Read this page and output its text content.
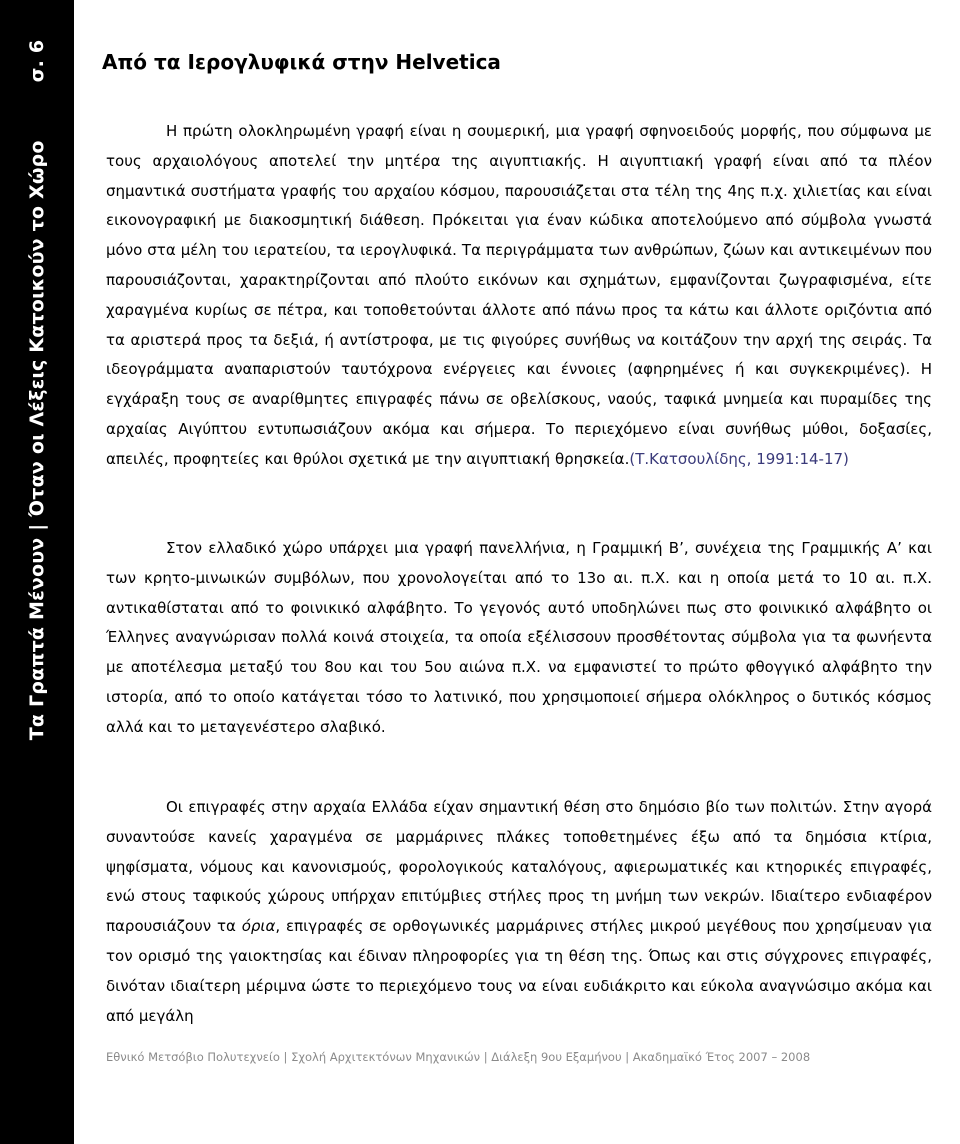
Τα Γραπτά Μένουν | Όταν οι Λέξεις Κατοικούν το Χώροσ. 6	Από τα Ιερογλυφικά στην Helvetica

Η πρώτη ολοκληρωμένη γραφή είναι η σουμερική, μια γραφή σφηνοειδούς μορφής, που σύμφωνα με τους αρχαιολόγους αποτελεί την μητέρα της αιγυπτιακής. Η αιγυπτιακή γραφή είναι από τα πλέον σημαντικά συστήματα γραφής του αρχαίου κόσμου, παρουσιάζεται στα τέλη της 4ης π.χ. χιλιετίας και είναι εικονογραφική με διακοσμητική διάθεση. Πρόκειται για έναν κώδικα αποτελούμενο από σύμβολα γνωστά μόνο στα μέλη του ιερατείου, τα ιερογλυφικά. Τα περιγράμματα των ανθρώπων, ζώων και αντικειμένων που παρουσιάζονται, χαρακτηρίζονται από πλούτο εικόνων και σχημάτων, εμφανίζονται ζωγραφισμένα, είτε χαραγμένα κυρίως σε πέτρα, και τοποθετούνται άλλοτε από πάνω προς τα κάτω και άλλοτε οριζόντια από τα αριστερά προς τα δεξιά, ή αντίστροφα, με τις φιγούρες συνήθως να κοιτάζουν την αρχή της σειράς. Τα ιδεογράμματα αναπαριστούν ταυτόχρονα ενέργειες και έννοιες (αφηρημένες ή και συγκεκριμένες). Η εγχάραξη τους σε αναρίθμητες επιγραφές πάνω σε οβελίσκους, ναούς, ταφικά μνημεία και πυραμίδες της αρχαίας Αιγύπτου εντυπωσιάζουν ακόμα και σήμερα. Το περιεχόμενο είναι συνήθως μύθοι, δοξασίες, απειλές, προφητείες και θρύλοι σχετικά με την αιγυπτιακή θρησκεία.(Τ.Κατσουλίδης, 1991:14-17)

Στον ελλαδικό χώρο υπάρχει μια γραφή πανελλήνια, η Γραμμική Β’, συνέχεια της Γραμμικής Α’ και των κρητο-μινωικών συμβόλων, που χρονολογείται από το 13ο αι. π.Χ. και η οποία μετά το 10 αι. π.Χ. αντικαθίσταται από το φοινικικό αλφάβητο. Το γεγονός αυτό υποδηλώνει πως στο φοινικικό αλφάβητο οι Έλληνες αναγνώρισαν πολλά κοινά στοιχεία, τα οποία εξέλισσουν προσθέτοντας σύμβολα για τα φωνήεντα με αποτέλεσμα μεταξύ του 8ου και του 5ου αιώνα π.Χ. να εμφανιστεί το πρώτο φθογγικό αλφάβητο την ιστορία, από το οποίο κατάγεται τόσο το λατινικό, που χρησιμοποιεί σήμερα ολόκληρος ο δυτικός κόσμος αλλά και το μεταγενέστερο σλαβικό.

Οι επιγραφές στην αρχαία Ελλάδα είχαν σημαντική θέση στο δημόσιο βίο των πολιτών. Στην αγορά συναντούσε κανείς χαραγμένα σε μαρμάρινες πλάκες τοποθετημένες έξω από τα δημόσια κτίρια, ψηφίσματα, νόμους και κανονισμούς, φορολογικούς καταλόγους, αφιερωματικές και κτηορικές επιγραφές, ενώ στους ταφικούς χώρους υπήρχαν επιτύμβιες στήλες προς τη μνήμη των νεκρών. Ιδιαίτερο ενδιαφέρον παρουσιάζουν τα όρια, επιγραφές σε ορθογωνικές μαρμάρινες στήλες μικρού μεγέθους που χρησίμευαν για τον ορισμό της γαιοκτησίας και έδιναν πληροφορίες για τη θέση της. Όπως και στις σύγχρονες επιγραφές, δινόταν ιδιαίτερη μέριμνα ώστε το περιεχόμενο τους να είναι ευδιάκριτο και εύκολα αναγνώσιμο ακόμα και από μεγάλη

Εθνικό Μετσόβιο Πολυτεχνείο | Σχολή Αρχιτεκτόνων Μηχανικών | Διάλεξη 9ου Εξαμήνου | Ακαδημαϊκό Έτος 2007 – 2008
